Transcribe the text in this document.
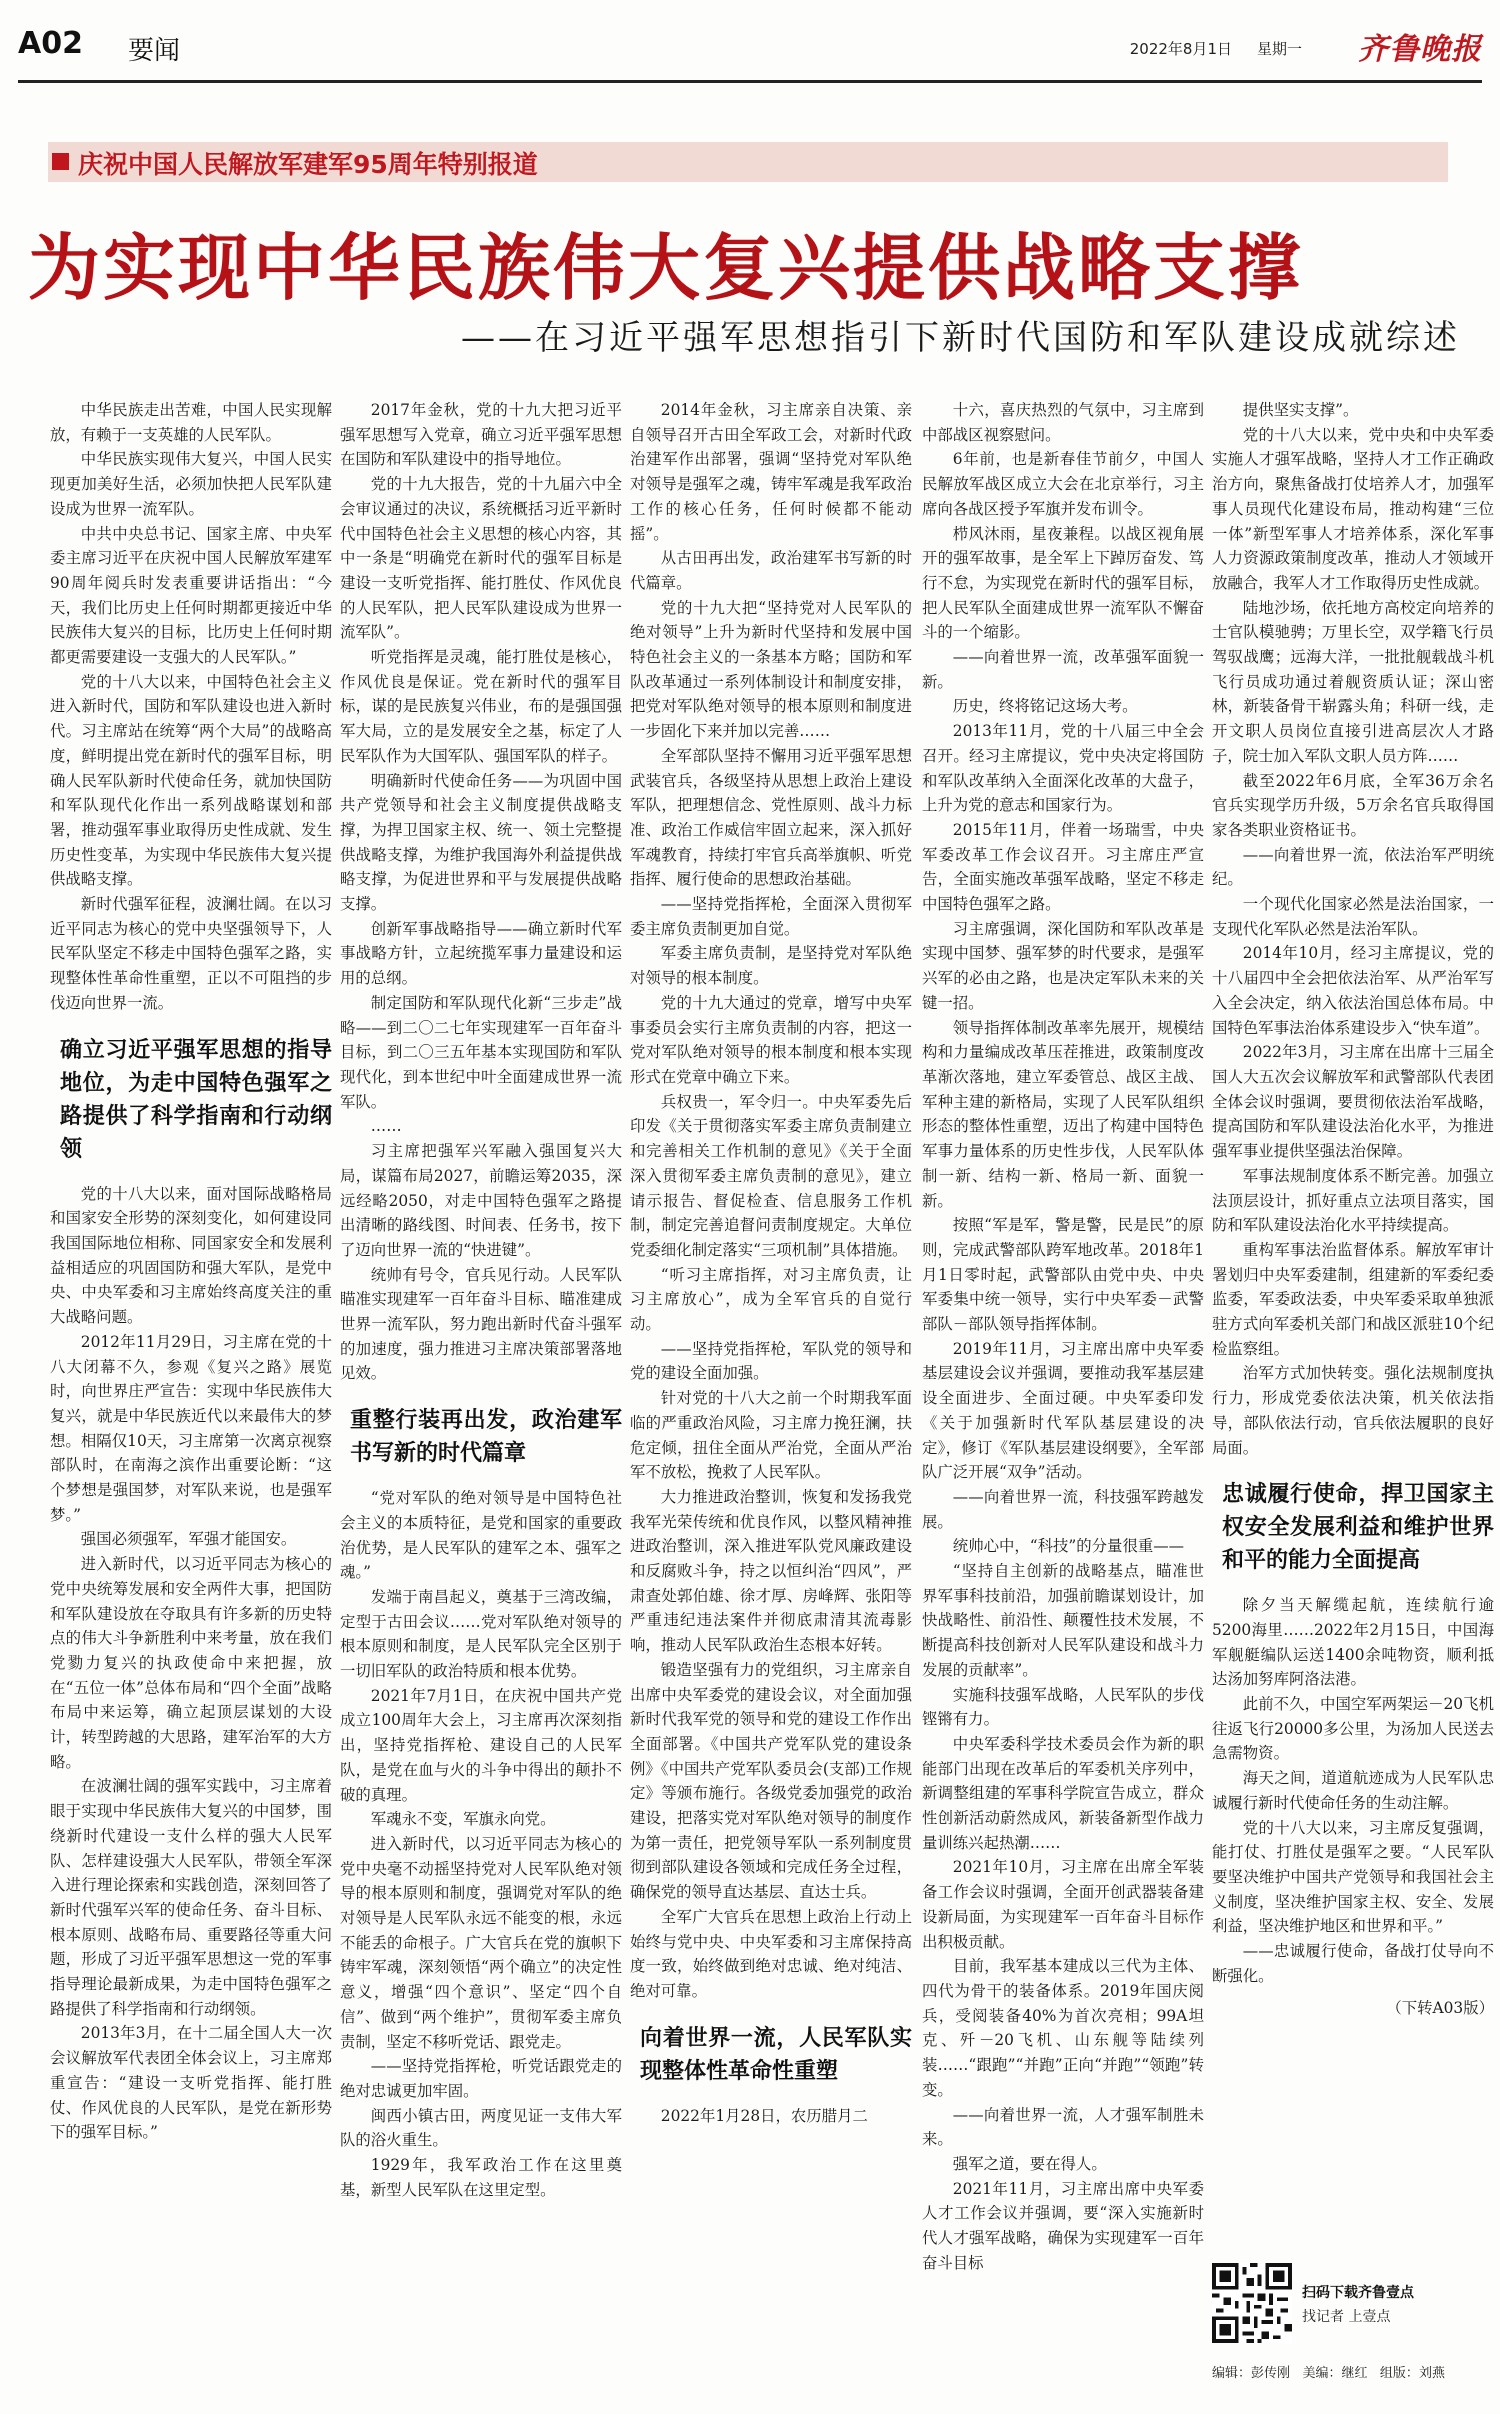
A02 要闻	2022年8月1日 星期一 齐鲁晚报
庆祝中国人民解放军建军95周年特别报道
为实现中华民族伟大复兴提供战略支撑
——在习近平强军思想指引下新时代国防和军队建设成就综述

中华民族走出苦难，中国人民实现解放，有赖于一支英雄的人民军队。

中华民族实现伟大复兴，中国人民实现更加美好生活，必须加快把人民军队建设成为世界一流军队。

中共中央总书记、国家主席、中央军委主席习近平在庆祝中国人民解放军建军90周年阅兵时发表重要讲话指出：“今天，我们比历史上任何时期都更接近中华民族伟大复兴的目标，比历史上任何时期都更需要建设一支强大的人民军队。”

党的十八大以来，中国特色社会主义进入新时代，国防和军队建设也进入新时代。习主席站在统筹“两个大局”的战略高度，鲜明提出党在新时代的强军目标，明确人民军队新时代使命任务，就加快国防和军队现代化作出一系列战略谋划和部署，推动强军事业取得历史性成就、发生历史性变革，为实现中华民族伟大复兴提供战略支撑。

新时代强军征程，波澜壮阔。在以习近平同志为核心的党中央坚强领导下，人民军队坚定不移走中国特色强军之路，实现整体性革命性重塑，正以不可阻挡的步伐迈向世界一流。

确立习近平强军思想的指导地位，为走中国特色强军之路提供了科学指南和行动纲领

党的十八大以来，面对国际战略格局和国家安全形势的深刻变化，如何建设同我国国际地位相称、同国家安全和发展利益相适应的巩固国防和强大军队，是党中央、中央军委和习主席始终高度关注的重大战略问题。

2012年11月29日，习主席在党的十八大闭幕不久，参观《复兴之路》展览时，向世界庄严宣告：实现中华民族伟大复兴，就是中华民族近代以来最伟大的梦想。相隔仅10天，习主席第一次离京视察部队时，在南海之滨作出重要论断：“这个梦想是强国梦，对军队来说，也是强军梦。”

强国必须强军，军强才能国安。

进入新时代，以习近平同志为核心的党中央统筹发展和安全两件大事，把国防和军队建设放在夺取具有许多新的历史特点的伟大斗争新胜利中来考量，放在我们党勠力复兴的执政使命中来把握，放在“五位一体”总体布局和“四个全面”战略布局中来运筹，确立起顶层谋划的大设计，转型跨越的大思路，建军治军的大方略。

在波澜壮阔的强军实践中，习主席着眼于实现中华民族伟大复兴的中国梦，围绕新时代建设一支什么样的强大人民军队、怎样建设强大人民军队，带领全军深入进行理论探索和实践创造，深刻回答了新时代强军兴军的使命任务、奋斗目标、根本原则、战略布局、重要路径等重大问题，形成了习近平强军思想这一党的军事指导理论最新成果，为走中国特色强军之路提供了科学指南和行动纲领。

2013年3月，在十二届全国人大一次会议解放军代表团全体会议上，习主席郑重宣告：“建设一支听党指挥、能打胜仗、作风优良的人民军队，是党在新形势下的强军目标。”

2017年金秋，党的十九大把习近平强军思想写入党章，确立习近平强军思想在国防和军队建设中的指导地位。

党的十九大报告，党的十九届六中全会审议通过的决议，系统概括习近平新时代中国特色社会主义思想的核心内容，其中一条是“明确党在新时代的强军目标是建设一支听党指挥、能打胜仗、作风优良的人民军队，把人民军队建设成为世界一流军队”。

听党指挥是灵魂，能打胜仗是核心，作风优良是保证。党在新时代的强军目标，谋的是民族复兴伟业，布的是强国强军大局，立的是发展安全之基，标定了人民军队作为大国军队、强国军队的样子。

明确新时代使命任务——为巩固中国共产党领导和社会主义制度提供战略支撑，为捍卫国家主权、统一、领土完整提供战略支撑，为维护我国海外利益提供战略支撑，为促进世界和平与发展提供战略支撑。

创新军事战略指导——确立新时代军事战略方针，立起统揽军事力量建设和运用的总纲。

制定国防和军队现代化新“三步走”战略——到二〇二七年实现建军一百年奋斗目标，到二〇三五年基本实现国防和军队现代化，到本世纪中叶全面建成世界一流军队。

……

习主席把强军兴军融入强国复兴大局，谋篇布局2027，前瞻运筹2035，深远经略2050，对走中国特色强军之路提出清晰的路线图、时间表、任务书，按下了迈向世界一流的“快进键”。

统帅有号令，官兵见行动。人民军队瞄准实现建军一百年奋斗目标、瞄准建成世界一流军队，努力跑出新时代奋斗强军的加速度，强力推进习主席决策部署落地见效。

重整行装再出发，政治建军书写新的时代篇章

“党对军队的绝对领导是中国特色社会主义的本质特征，是党和国家的重要政治优势，是人民军队的建军之本、强军之魂。”

发端于南昌起义，奠基于三湾改编，定型于古田会议……党对军队绝对领导的根本原则和制度，是人民军队完全区别于一切旧军队的政治特质和根本优势。

2021年7月1日，在庆祝中国共产党成立100周年大会上，习主席再次深刻指出，坚持党指挥枪、建设自己的人民军队，是党在血与火的斗争中得出的颠扑不破的真理。

军魂永不变，军旗永向党。

进入新时代，以习近平同志为核心的党中央毫不动摇坚持党对人民军队绝对领导的根本原则和制度，强调党对军队的绝对领导是人民军队永远不能变的根，永远不能丢的命根子。广大官兵在党的旗帜下铸牢军魂，深刻领悟“两个确立”的决定性意义，增强“四个意识”、坚定“四个自信”、做到“两个维护”，贯彻军委主席负责制，坚定不移听党话、跟党走。

——坚持党指挥枪，听党话跟党走的绝对忠诚更加牢固。

闽西小镇古田，两度见证一支伟大军队的浴火重生。

1929年，我军政治工作在这里奠基，新型人民军队在这里定型。

2014年金秋，习主席亲自决策、亲自领导召开古田全军政工会，对新时代政治建军作出部署，强调“坚持党对军队绝对领导是强军之魂，铸牢军魂是我军政治工作的核心任务，任何时候都不能动摇”。

从古田再出发，政治建军书写新的时代篇章。

党的十九大把“坚持党对人民军队的绝对领导”上升为新时代坚持和发展中国特色社会主义的一条基本方略；国防和军队改革通过一系列体制设计和制度安排，把党对军队绝对领导的根本原则和制度进一步固化下来并加以完善……

全军部队坚持不懈用习近平强军思想武装官兵，各级坚持从思想上政治上建设军队，把理想信念、党性原则、战斗力标准、政治工作威信牢固立起来，深入抓好军魂教育，持续打牢官兵高举旗帜、听党指挥、履行使命的思想政治基础。

——坚持党指挥枪，全面深入贯彻军委主席负责制更加自觉。

军委主席负责制，是坚持党对军队绝对领导的根本制度。

党的十九大通过的党章，增写中央军事委员会实行主席负责制的内容，把这一党对军队绝对领导的根本制度和根本实现形式在党章中确立下来。

兵权贵一，军令归一。中央军委先后印发《关于贯彻落实军委主席负责制建立和完善相关工作机制的意见》《关于全面深入贯彻军委主席负责制的意见》，建立请示报告、督促检查、信息服务工作机制，制定完善追督问责制度规定。大单位党委细化制定落实“三项机制”具体措施。

“听习主席指挥，对习主席负责，让习主席放心”，成为全军官兵的自觉行动。

——坚持党指挥枪，军队党的领导和党的建设全面加强。

针对党的十八大之前一个时期我军面临的严重政治风险，习主席力挽狂澜，扶危定倾，扭住全面从严治党，全面从严治军不放松，挽救了人民军队。

大力推进政治整训，恢复和发扬我党我军光荣传统和优良作风，以整风精神推进政治整训，深入推进军队党风廉政建设和反腐败斗争，持之以恒纠治“四风”，严肃查处郭伯雄、徐才厚、房峰辉、张阳等严重违纪违法案件并彻底肃清其流毒影响，推动人民军队政治生态根本好转。

锻造坚强有力的党组织，习主席亲自出席中央军委党的建设会议，对全面加强新时代我军党的领导和党的建设工作作出全面部署。《中国共产党军队党的建设条例》《中国共产党军队委员会(支部)工作规定》等颁布施行。各级党委加强党的政治建设，把落实党对军队绝对领导的制度作为第一责任，把党领导军队一系列制度贯彻到部队建设各领域和完成任务全过程，确保党的领导直达基层、直达士兵。

全军广大官兵在思想上政治上行动上始终与党中央、中央军委和习主席保持高度一致，始终做到绝对忠诚、绝对纯洁、绝对可靠。

向着世界一流，人民军队实现整体性革命性重塑

2022年1月28日，农历腊月二

十六，喜庆热烈的气氛中，习主席到中部战区视察慰问。

6年前，也是新春佳节前夕，中国人民解放军战区成立大会在北京举行，习主席向各战区授予军旗并发布训令。

栉风沐雨，星夜兼程。以战区视角展开的强军故事，是全军上下踔厉奋发、笃行不怠，为实现党在新时代的强军目标，把人民军队全面建成世界一流军队不懈奋斗的一个缩影。

——向着世界一流，改革强军面貌一新。

历史，终将铭记这场大考。

2013年11月，党的十八届三中全会召开。经习主席提议，党中央决定将国防和军队改革纳入全面深化改革的大盘子，上升为党的意志和国家行为。

2015年11月，伴着一场瑞雪，中央军委改革工作会议召开。习主席庄严宣告，全面实施改革强军战略，坚定不移走中国特色强军之路。

习主席强调，深化国防和军队改革是实现中国梦、强军梦的时代要求，是强军兴军的必由之路，也是决定军队未来的关键一招。

领导指挥体制改革率先展开，规模结构和力量编成改革压茬推进，政策制度改革渐次落地，建立军委管总、战区主战、军种主建的新格局，实现了人民军队组织形态的整体性重塑，迈出了构建中国特色军事力量体系的历史性步伐，人民军队体制一新、结构一新、格局一新、面貌一新。

按照“军是军，警是警，民是民”的原则，完成武警部队跨军地改革。2018年1月1日零时起，武警部队由党中央、中央军委集中统一领导，实行中央军委－武警部队－部队领导指挥体制。

2019年11月，习主席出席中央军委基层建设会议并强调，要推动我军基层建设全面进步、全面过硬。中央军委印发《关于加强新时代军队基层建设的决定》，修订《军队基层建设纲要》，全军部队广泛开展“双争”活动。

——向着世界一流，科技强军跨越发展。

统帅心中，“科技”的分量很重——

“坚持自主创新的战略基点，瞄准世界军事科技前沿，加强前瞻谋划设计，加快战略性、前沿性、颠覆性技术发展，不断提高科技创新对人民军队建设和战斗力发展的贡献率”。

实施科技强军战略，人民军队的步伐铿锵有力。

中央军委科学技术委员会作为新的职能部门出现在改革后的军委机关序列中，新调整组建的军事科学院宣告成立，群众性创新活动蔚然成风，新装备新型作战力量训练兴起热潮……

2021年10月，习主席在出席全军装备工作会议时强调，全面开创武器装备建设新局面，为实现建军一百年奋斗目标作出积极贡献。

目前，我军基本建成以三代为主体、四代为骨干的装备体系。2019年国庆阅兵，受阅装备40%为首次亮相；99A坦克、歼－20飞机、山东舰等陆续列装……“跟跑”“并跑”正向“并跑”“领跑”转变。

——向着世界一流，人才强军制胜未来。

强军之道，要在得人。

2021年11月，习主席出席中央军委人才工作会议并强调，要“深入实施新时代人才强军战略，确保为实现建军一百年奋斗目标

提供坚实支撑”。

党的十八大以来，党中央和中央军委实施人才强军战略，坚持人才工作正确政治方向，聚焦备战打仗培养人才，加强军事人员现代化建设布局，推动构建“三位一体”新型军事人才培养体系，深化军事人力资源政策制度改革，推动人才领域开放融合，我军人才工作取得历史性成就。

陆地沙场，依托地方高校定向培养的士官队模驰骋；万里长空，双学籍飞行员驾驭战鹰；远海大洋，一批批舰载战斗机飞行员成功通过着舰资质认证；深山密林，新装备骨干崭露头角；科研一线，走开文职人员岗位直接引进高层次人才路子，院士加入军队文职人员方阵……

截至2022年6月底，全军36万余名官兵实现学历升级，5万余名官兵取得国家各类职业资格证书。

——向着世界一流，依法治军严明统纪。

一个现代化国家必然是法治国家，一支现代化军队必然是法治军队。

2014年10月，经习主席提议，党的十八届四中全会把依法治军、从严治军写入全会决定，纳入依法治国总体布局。中国特色军事法治体系建设步入“快车道”。

2022年3月，习主席在出席十三届全国人大五次会议解放军和武警部队代表团全体会议时强调，要贯彻依法治军战略，提高国防和军队建设法治化水平，为推进强军事业提供坚强法治保障。

军事法规制度体系不断完善。加强立法顶层设计，抓好重点立法项目落实，国防和军队建设法治化水平持续提高。

重构军事法治监督体系。解放军审计署划归中央军委建制，组建新的军委纪委监委，军委政法委，中央军委采取单独派驻方式向军委机关部门和战区派驻10个纪检监察组。

治军方式加快转变。强化法规制度执行力，形成党委依法决策，机关依法指导，部队依法行动，官兵依法履职的良好局面。

忠诚履行使命，捍卫国家主权安全发展利益和维护世界和平的能力全面提高

除夕当天解缆起航，连续航行逾5200海里……2022年2月15日，中国海军舰艇编队运送1400余吨物资，顺利抵达汤加努库阿洛法港。

此前不久，中国空军两架运－20飞机往返飞行20000多公里，为汤加人民送去急需物资。

海天之间，道道航迹成为人民军队忠诚履行新时代使命任务的生动注解。

党的十八大以来，习主席反复强调，能打仗、打胜仗是强军之要。“人民军队要坚决维护中国共产党领导和我国社会主义制度，坚决维护国家主权、安全、发展利益，坚决维护地区和世界和平。”

——忠诚履行使命，备战打仗导向不断强化。

（下转A03版）

扫码下载齐鲁壹点
找记者 上壹点
编辑：彭传刚 美编：继红 组版：刘燕
